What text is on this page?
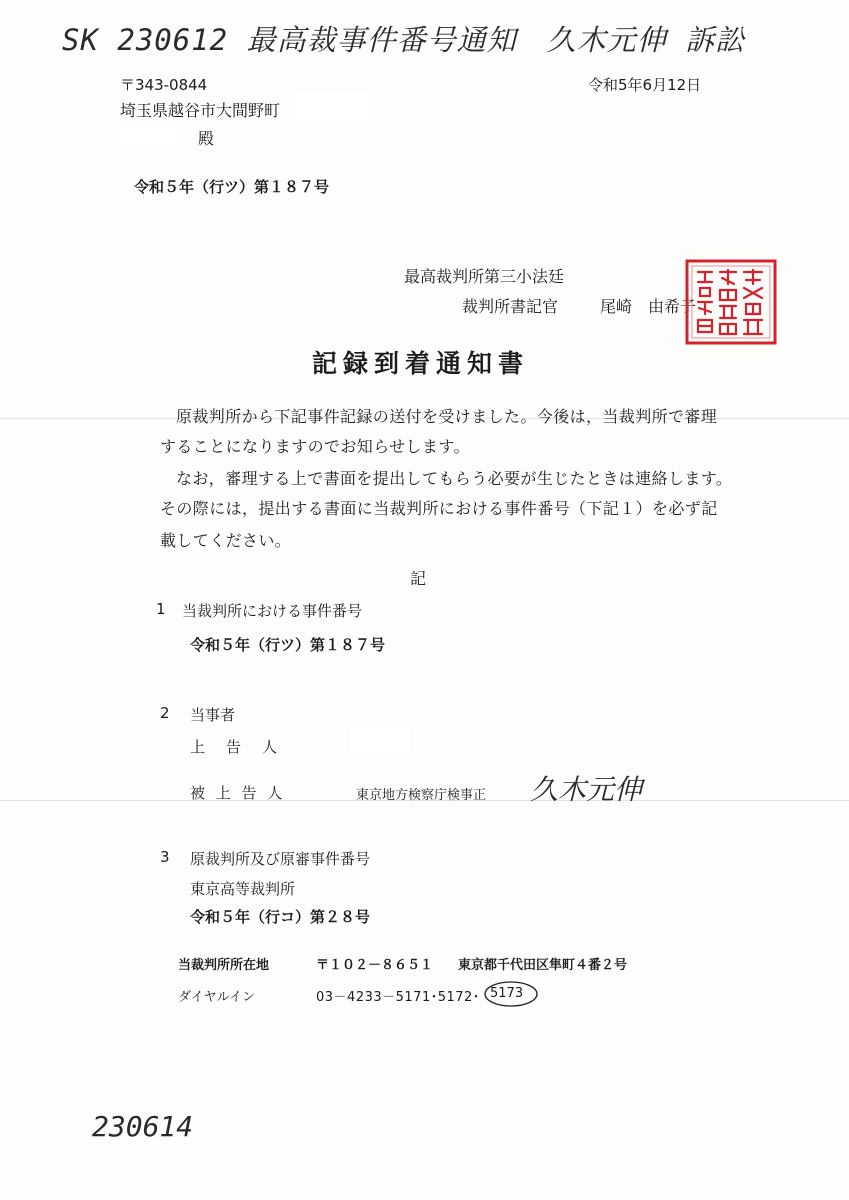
SK 230612 最高裁事件番号通知　久木元伸 訴訟
〒343-0844
埼玉県越谷市大間野町
殿
令和5年6月12日
令和５年（行ツ）第１８７号
最高裁判所第三小法廷
裁判所書記官	尾崎　由希子
記録到着通知書
原裁判所から下記事件記録の送付を受けました。今後は，当裁判所で審理
することになりますのでお知らせします。
なお，審理する上で書面を提出してもらう必要が生じたときは連絡します。
その際には，提出する書面に当裁判所における事件番号（下記１）を必ず記
載してください。
記
1 当裁判所における事件番号
令和５年（行ツ）第１８７号
2 当事者
上　告　人
被 上 告 人	東京地方検察庁検事正 久木元伸
3 原裁判所及び原審事件番号
東京高等裁判所
令和５年（行コ）第２８号
当裁判所所在地	〒１０２－８６５１ 東京都千代田区隼町４番２号
ダイヤルイン	03－4233－5171･5172･ 5173
230614
